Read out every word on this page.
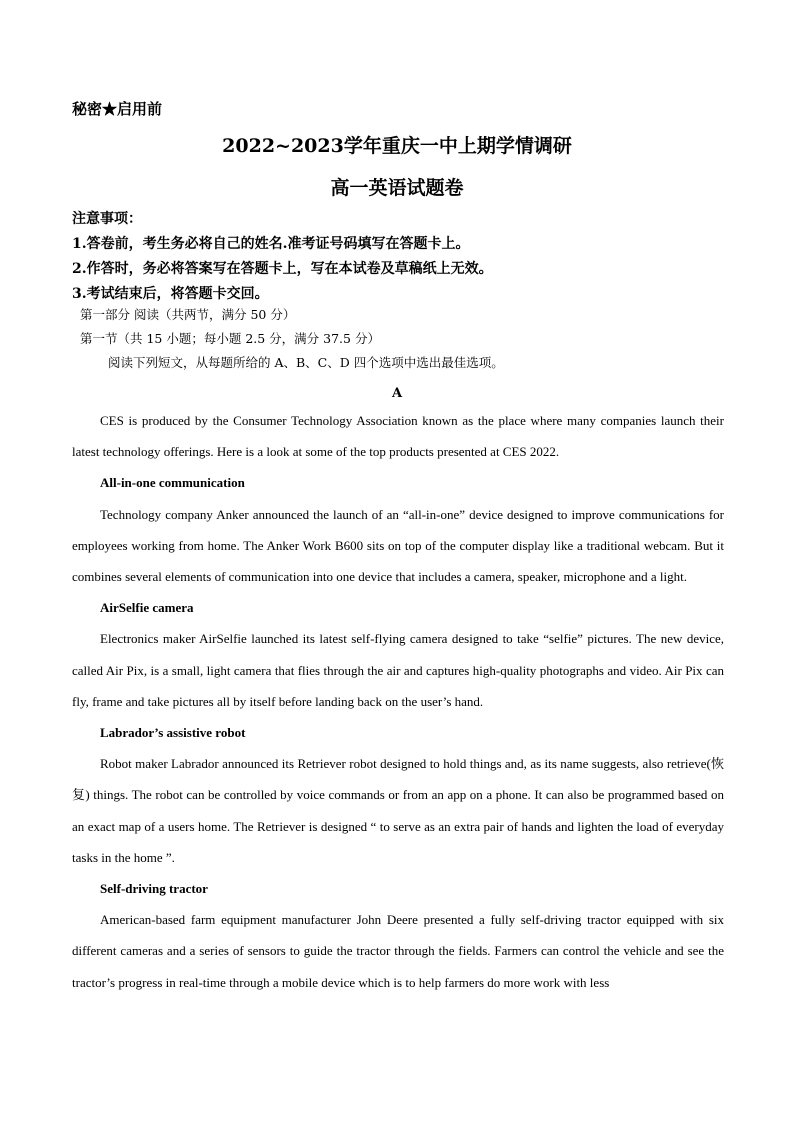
秘密★启用前
2022~2023学年重庆一中上期学情调研
高一英语试题卷
注意事项：
1.答卷前，考生务必将自己的姓名.准考证号码填写在答题卡上。
2.作答时，务必将答案写在答题卡上，写在本试卷及草稿纸上无效。
3.考试结束后，将答题卡交回。
第一部分 阅读（共两节，满分 50 分）
第一节（共 15 小题；每小题 2.5 分，满分 37.5 分）
阅读下列短文，从每题所给的 A、B、C、D 四个选项中选出最佳选项。
A

CES is produced by the Consumer Technology Association known as the place where many companies launch their latest technology offerings. Here is a look at some of the top products presented at CES 2022.

All-in-one communication

Technology company Anker announced the launch of an “all-in-one” device designed to improve communications for employees working from home. The Anker Work B600 sits on top of the computer display like a traditional webcam. But it combines several elements of communication into one device that includes a camera, speaker, microphone and a light.

AirSelfie camera

Electronics maker AirSelfie launched its latest self-flying camera designed to take “selfie” pictures. The new device, called Air Pix, is a small, light camera that flies through the air and captures high-quality photographs and video. Air Pix can fly, frame and take pictures all by itself before landing back on the user’s hand.

Labrador’s assistive robot

Robot maker Labrador announced its Retriever robot designed to hold things and, as its name suggests, also retrieve(恢复) things. The robot can be controlled by voice commands or from an app on a phone. It can also be programmed based on an exact map of a users home. The Retriever is designed “ to serve as an extra pair of hands and lighten the load of everyday tasks in the home ”.

Self-driving tractor

American-based farm equipment manufacturer John Deere presented a fully self-driving tractor equipped with six different cameras and a series of sensors to guide the tractor through the fields. Farmers can control the vehicle and see the tractor’s progress in real-time through a mobile device which is to help farmers do more work with less
